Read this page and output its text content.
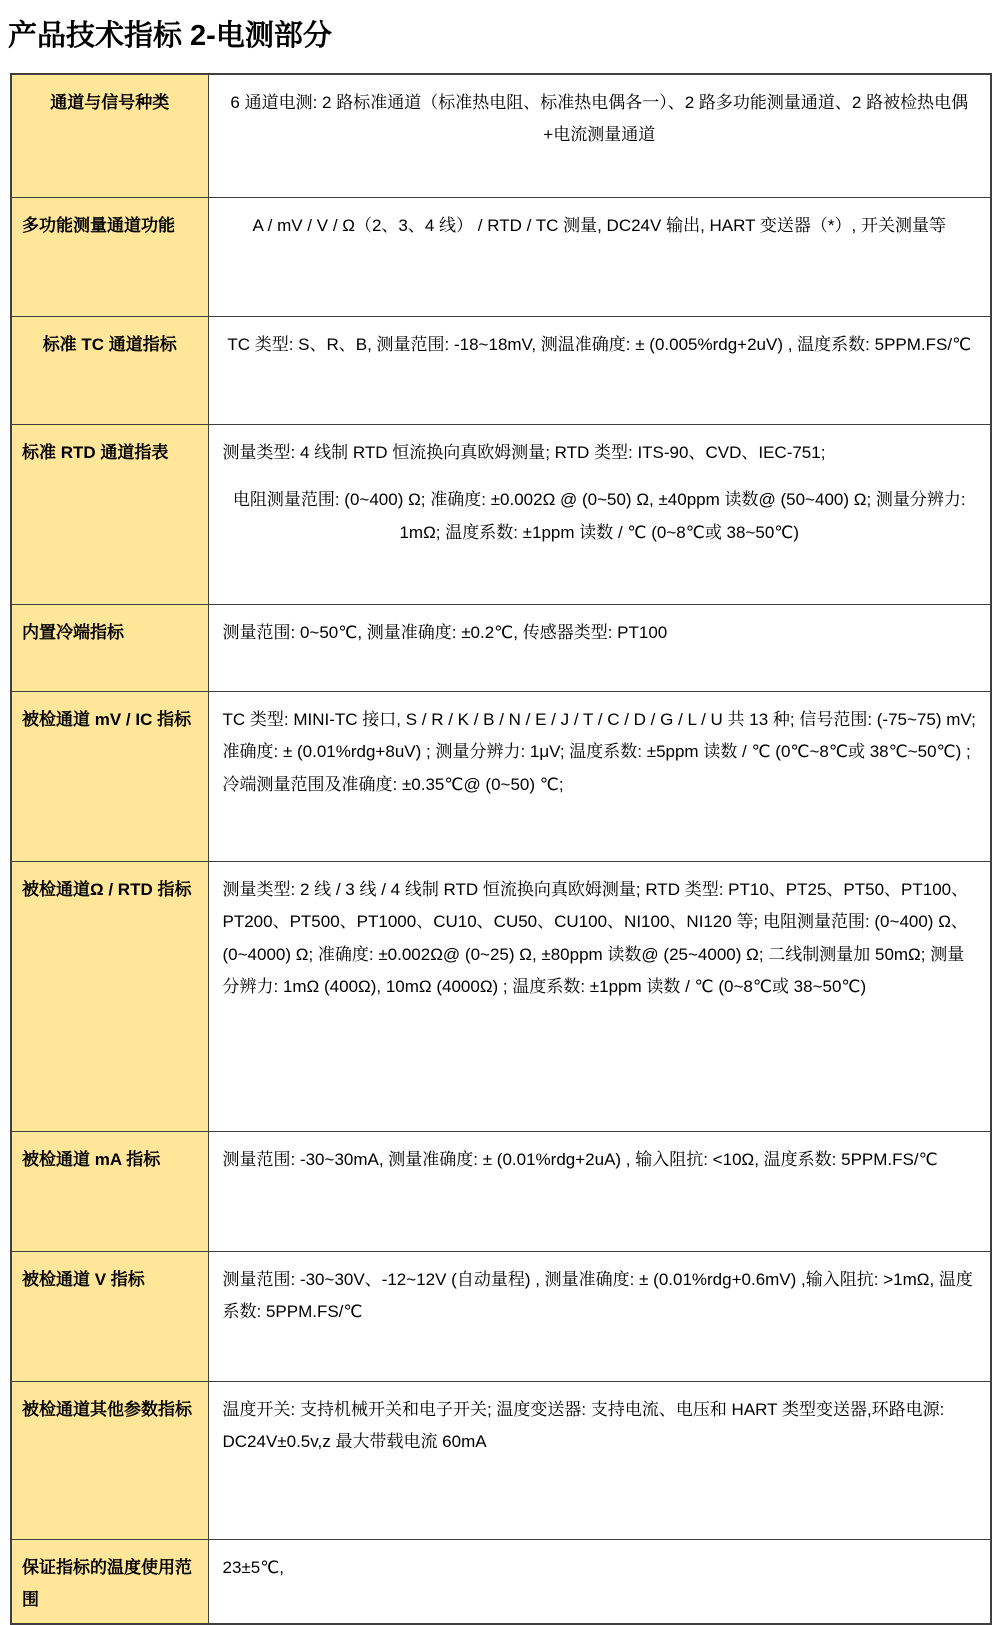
产品技术指标 2-电测部分
通道与信号种类	6 通道电测: 2 路标准通道（标准热电阻、标准热电偶各一）、2 路多功能测量通道、2 路被检热电偶+电流测量通道

多功能测量通道功能	A / mV / V / Ω（2、3、4 线） / RTD / TC 测量, DC24V 输出, HART 变送器（*）, 开关测量等

标准 TC 通道指标	TC 类型: S、R、B, 测量范围: -18~18mV, 测温准确度: ± (0.005%rdg+2uV) , 温度系数: 5PPM.FS/℃

标准 RTD 通道指表	测量类型: 4 线制 RTD 恒流换向真欧姆测量; RTD 类型: ITS-90、CVD、IEC-751;

电阻测量范围: (0~400) Ω; 准确度: ±0.002Ω @ (0~50) Ω, ±40ppm 读数@ (50~400) Ω; 测量分辨力: 1mΩ; 温度系数: ±1ppm 读数 / ℃ (0~8℃或 38~50℃)

内置冷端指标	测量范围: 0~50℃, 测量准确度: ±0.2℃, 传感器类型: PT100

被检通道 mV / IC 指标	TC 类型: MINI-TC 接口, S / R / K / B / N / E / J / T / C / D / G / L / U 共 13 种; 信号范围: (-75~75) mV; 准确度: ± (0.01%rdg+8uV) ; 测量分辨力: 1μV; 温度系数: ±5ppm 读数 / ℃ (0℃~8℃或 38℃~50℃) ; 冷端测量范围及准确度: ±0.35℃@ (0~50) ℃;

被检通道Ω / RTD 指标	测量类型: 2 线 / 3 线 / 4 线制 RTD 恒流换向真欧姆测量; RTD 类型: PT10、PT25、PT50、PT100、PT200、PT500、PT1000、CU10、CU50、CU100、NI100、NI120 等; 电阻测量范围: (0~400) Ω、 (0~4000) Ω; 准确度: ±0.002Ω@ (0~25) Ω, ±80ppm 读数@ (25~4000) Ω; 二线制测量加 50mΩ; 测量分辨力: 1mΩ (400Ω), 10mΩ (4000Ω) ; 温度系数: ±1ppm 读数 / ℃ (0~8℃或 38~50℃)

被检通道 mA 指标	测量范围: -30~30mA, 测量准确度: ± (0.01%rdg+2uA) , 输入阻抗: <10Ω, 温度系数: 5PPM.FS/℃

被检通道 V 指标	测量范围: -30~30V、-12~12V (自动量程) , 测量准确度: ± (0.01%rdg+0.6mV) ,输入阻抗: >1mΩ, 温度系数: 5PPM.FS/℃

被检通道其他参数指标	温度开关: 支持机械开关和电子开关; 温度变送器: 支持电流、电压和 HART 类型变送器,环路电源: DC24V±0.5v,z 最大带载电流 60mA

保证指标的温度使用范围	23±5℃,
